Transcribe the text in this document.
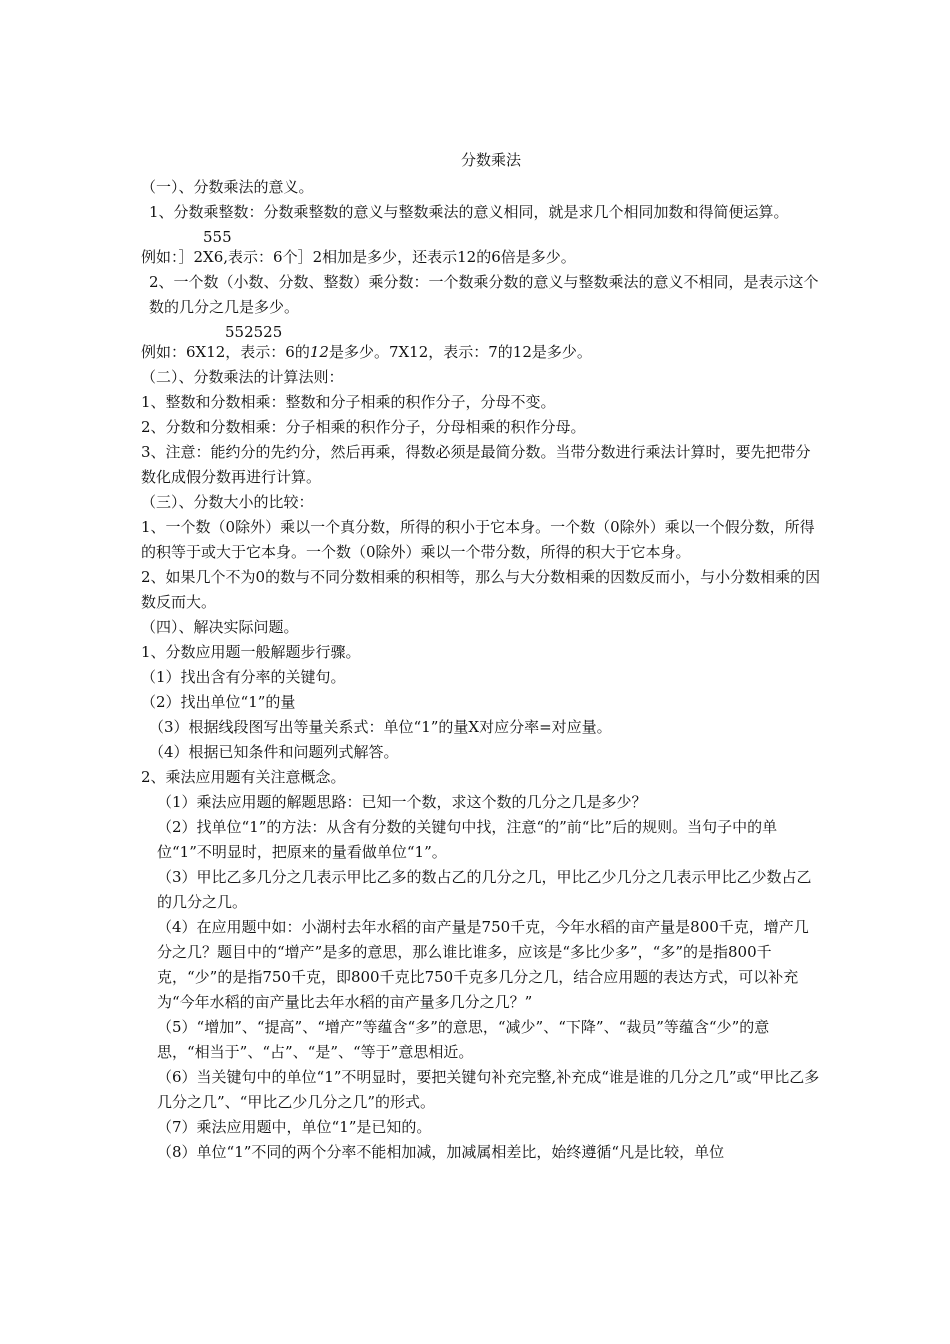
分数乘法

（一）、分数乘法的意义。

1、分数乘整数：分数乘整数的意义与整数乘法的意义相同，就是求几个相同加数和得简便运算。

555

例如：］2X6,表示：6个］2相加是多少，还表示12的6倍是多少。

2、一个数（小数、分数、整数）乘分数：一个数乘分数的意义与整数乘法的意义不相同，是表示这个数的几分之几是多少。

552525

例如：6X12，表示：6的12是多少。7X12，表示：7的12是多少。

（二）、分数乘法的计算法则：

1、整数和分数相乘：整数和分子相乘的积作分子，分母不变。

2、分数和分数相乘：分子相乘的积作分子，分母相乘的积作分母。

3、注意：能约分的先约分，然后再乘，得数必须是最简分数。当带分数进行乘法计算时，要先把带分数化成假分数再进行计算。

（三）、分数大小的比较：

1、一个数（0除外）乘以一个真分数，所得的积小于它本身。一个数（0除外）乘以一个假分数，所得的积等于或大于它本身。一个数（0除外）乘以一个带分数，所得的积大于它本身。

2、如果几个不为0的数与不同分数相乘的积相等，那么与大分数相乘的因数反而小，与小分数相乘的因数反而大。

（四）、解决实际问题。

1、分数应用题一般解题步行骤。

（1）找出含有分率的关键句。

（2）找出单位“1”的量

（3）根据线段图写出等量关系式：单位“1”的量X对应分率=对应量。

（4）根据已知条件和问题列式解答。

2、乘法应用题有关注意概念。

（1）乘法应用题的解题思路：已知一个数，求这个数的几分之几是多少？

（2）找单位“1”的方法：从含有分数的关键句中找，注意“的”前“比”后的规则。当句子中的单位“1”不明显时，把原来的量看做单位“1”。

（3）甲比乙多几分之几表示甲比乙多的数占乙的几分之几，甲比乙少几分之几表示甲比乙少数占乙的几分之几。

（4）在应用题中如：小湖村去年水稻的亩产量是750千克，今年水稻的亩产量是800千克，增产几分之几？题目中的“增产”是多的意思，那么谁比谁多，应该是“多比少多”，“多”的是指800千克，“少”的是指750千克，即800千克比750千克多几分之几，结合应用题的表达方式，可以补充为“今年水稻的亩产量比去年水稻的亩产量多几分之几？”

（5）“增加”、“提高”、“增产”等蕴含“多”的意思，“减少”、“下降”、“裁员”等蕴含“少”的意思，“相当于”、“占”、“是”、“等于”意思相近。

（6）当关键句中的单位“1”不明显时，要把关键句补充完整,补充成“谁是谁的几分之几”或“甲比乙多几分之几”、“甲比乙少几分之几”的形式。

（7）乘法应用题中，单位“1”是已知的。

（8）单位“1”不同的两个分率不能相加减，加减属相差比，始终遵循“凡是比较，单位
